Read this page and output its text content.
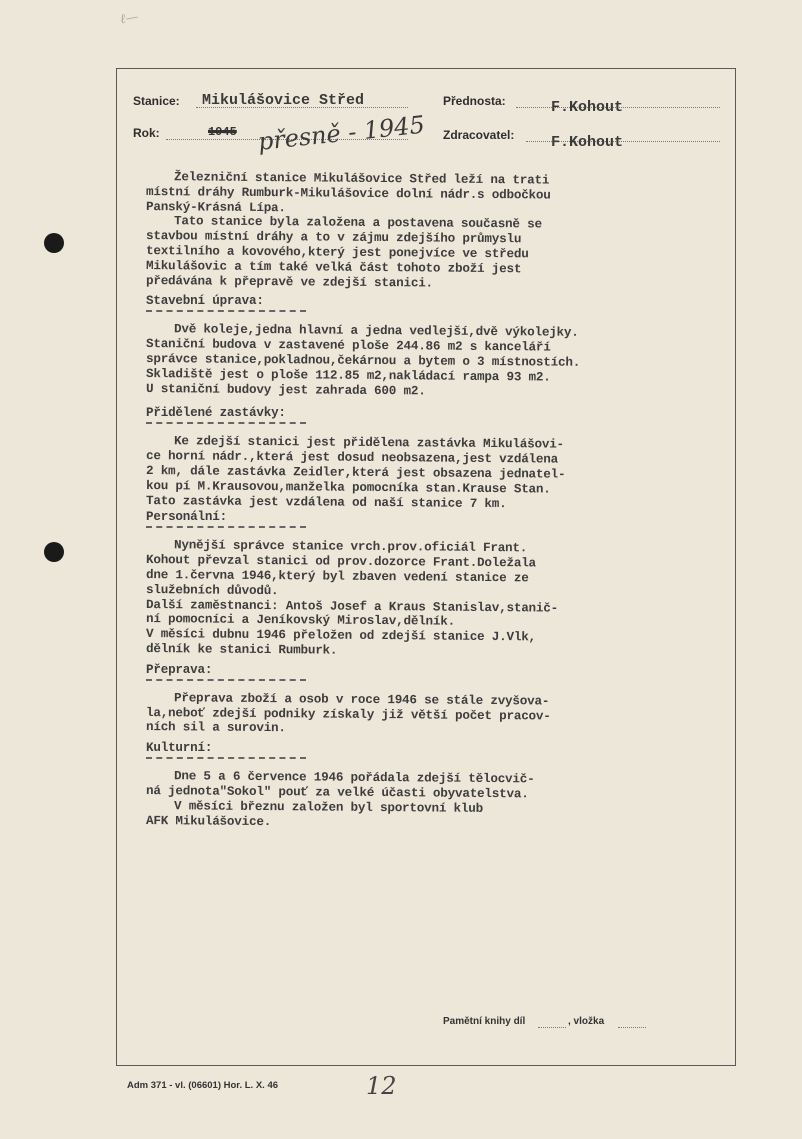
ℓ—
Stanice: Mikulášovice Střed	Přednosta:	F.Kohout
Rok:	1945 přesně - 1945 Zdracovatel: F.Kohout
Železniční stanice Mikulášovice Střed leží na trati
místní dráhy Rumburk-Mikulášovice dolní nádr.s odbočkou
Panský-Krásná Lípa.
Tato stanice byla založena a postavena současně se
stavbou místní dráhy a to v zájmu zdejšího průmyslu
textilního a kovového,který jest ponejvíce ve středu
Mikulášovic a tím také velká část tohoto zboží jest
předávána k přepravě ve zdejší stanici.
Stavební úprava:
Dvě koleje,jedna hlavní a jedna vedlejší,dvě výkolejky.
Staniční budova v zastavené ploše 244.86 m2 s kanceláří
správce stanice,pokladnou,čekárnou a bytem o 3 místnostích.
Skladiště jest o ploše 112.85 m2,nakládací rampa 93 m2.
U staniční budovy jest zahrada 600 m2.
Přidělené zastávky:
Ke zdejší stanici jest přidělena zastávka Mikulášovi-
ce horní nádr.,která jest dosud neobsazena,jest vzdálena
2 km, dále zastávka Zeidler,která jest obsazena jednatel-
kou pí M.Krausovou,manželka pomocníka stan.Krause Stan.
Tato zastávka jest vzdálena od naší stanice 7 km.
Personální:
Nynější správce stanice vrch.prov.oficiál Frant.
Kohout převzal stanici od prov.dozorce Frant.Doležala
dne 1.června 1946,který byl zbaven vedení stanice ze
služebních důvodů.
Další zaměstnanci: Antoš Josef a Kraus Stanislav,stanič-
ní pomocníci a Jeníkovský Miroslav,dělník.
V měsíci dubnu 1946 přeložen od zdejší stanice J.Vlk,
dělník ke stanici Rumburk.
Přeprava:
Přeprava zboží a osob v roce 1946 se stále zvyšova-
la,neboť zdejší podniky získaly již větší počet pracov-
ních sil a surovin.
Kulturní:
Dne 5 a 6 července 1946 pořádala zdejší tělocvič-
ná jednota"Sokol" pouť za velké účasti obyvatelstva.
V měsíci březnu založen byl sportovní klub
AFK Mikulášovice.
Pamětní knihy díl	, vložka
Adm 371 - vl. (06601) Hor. L. X. 46	12
